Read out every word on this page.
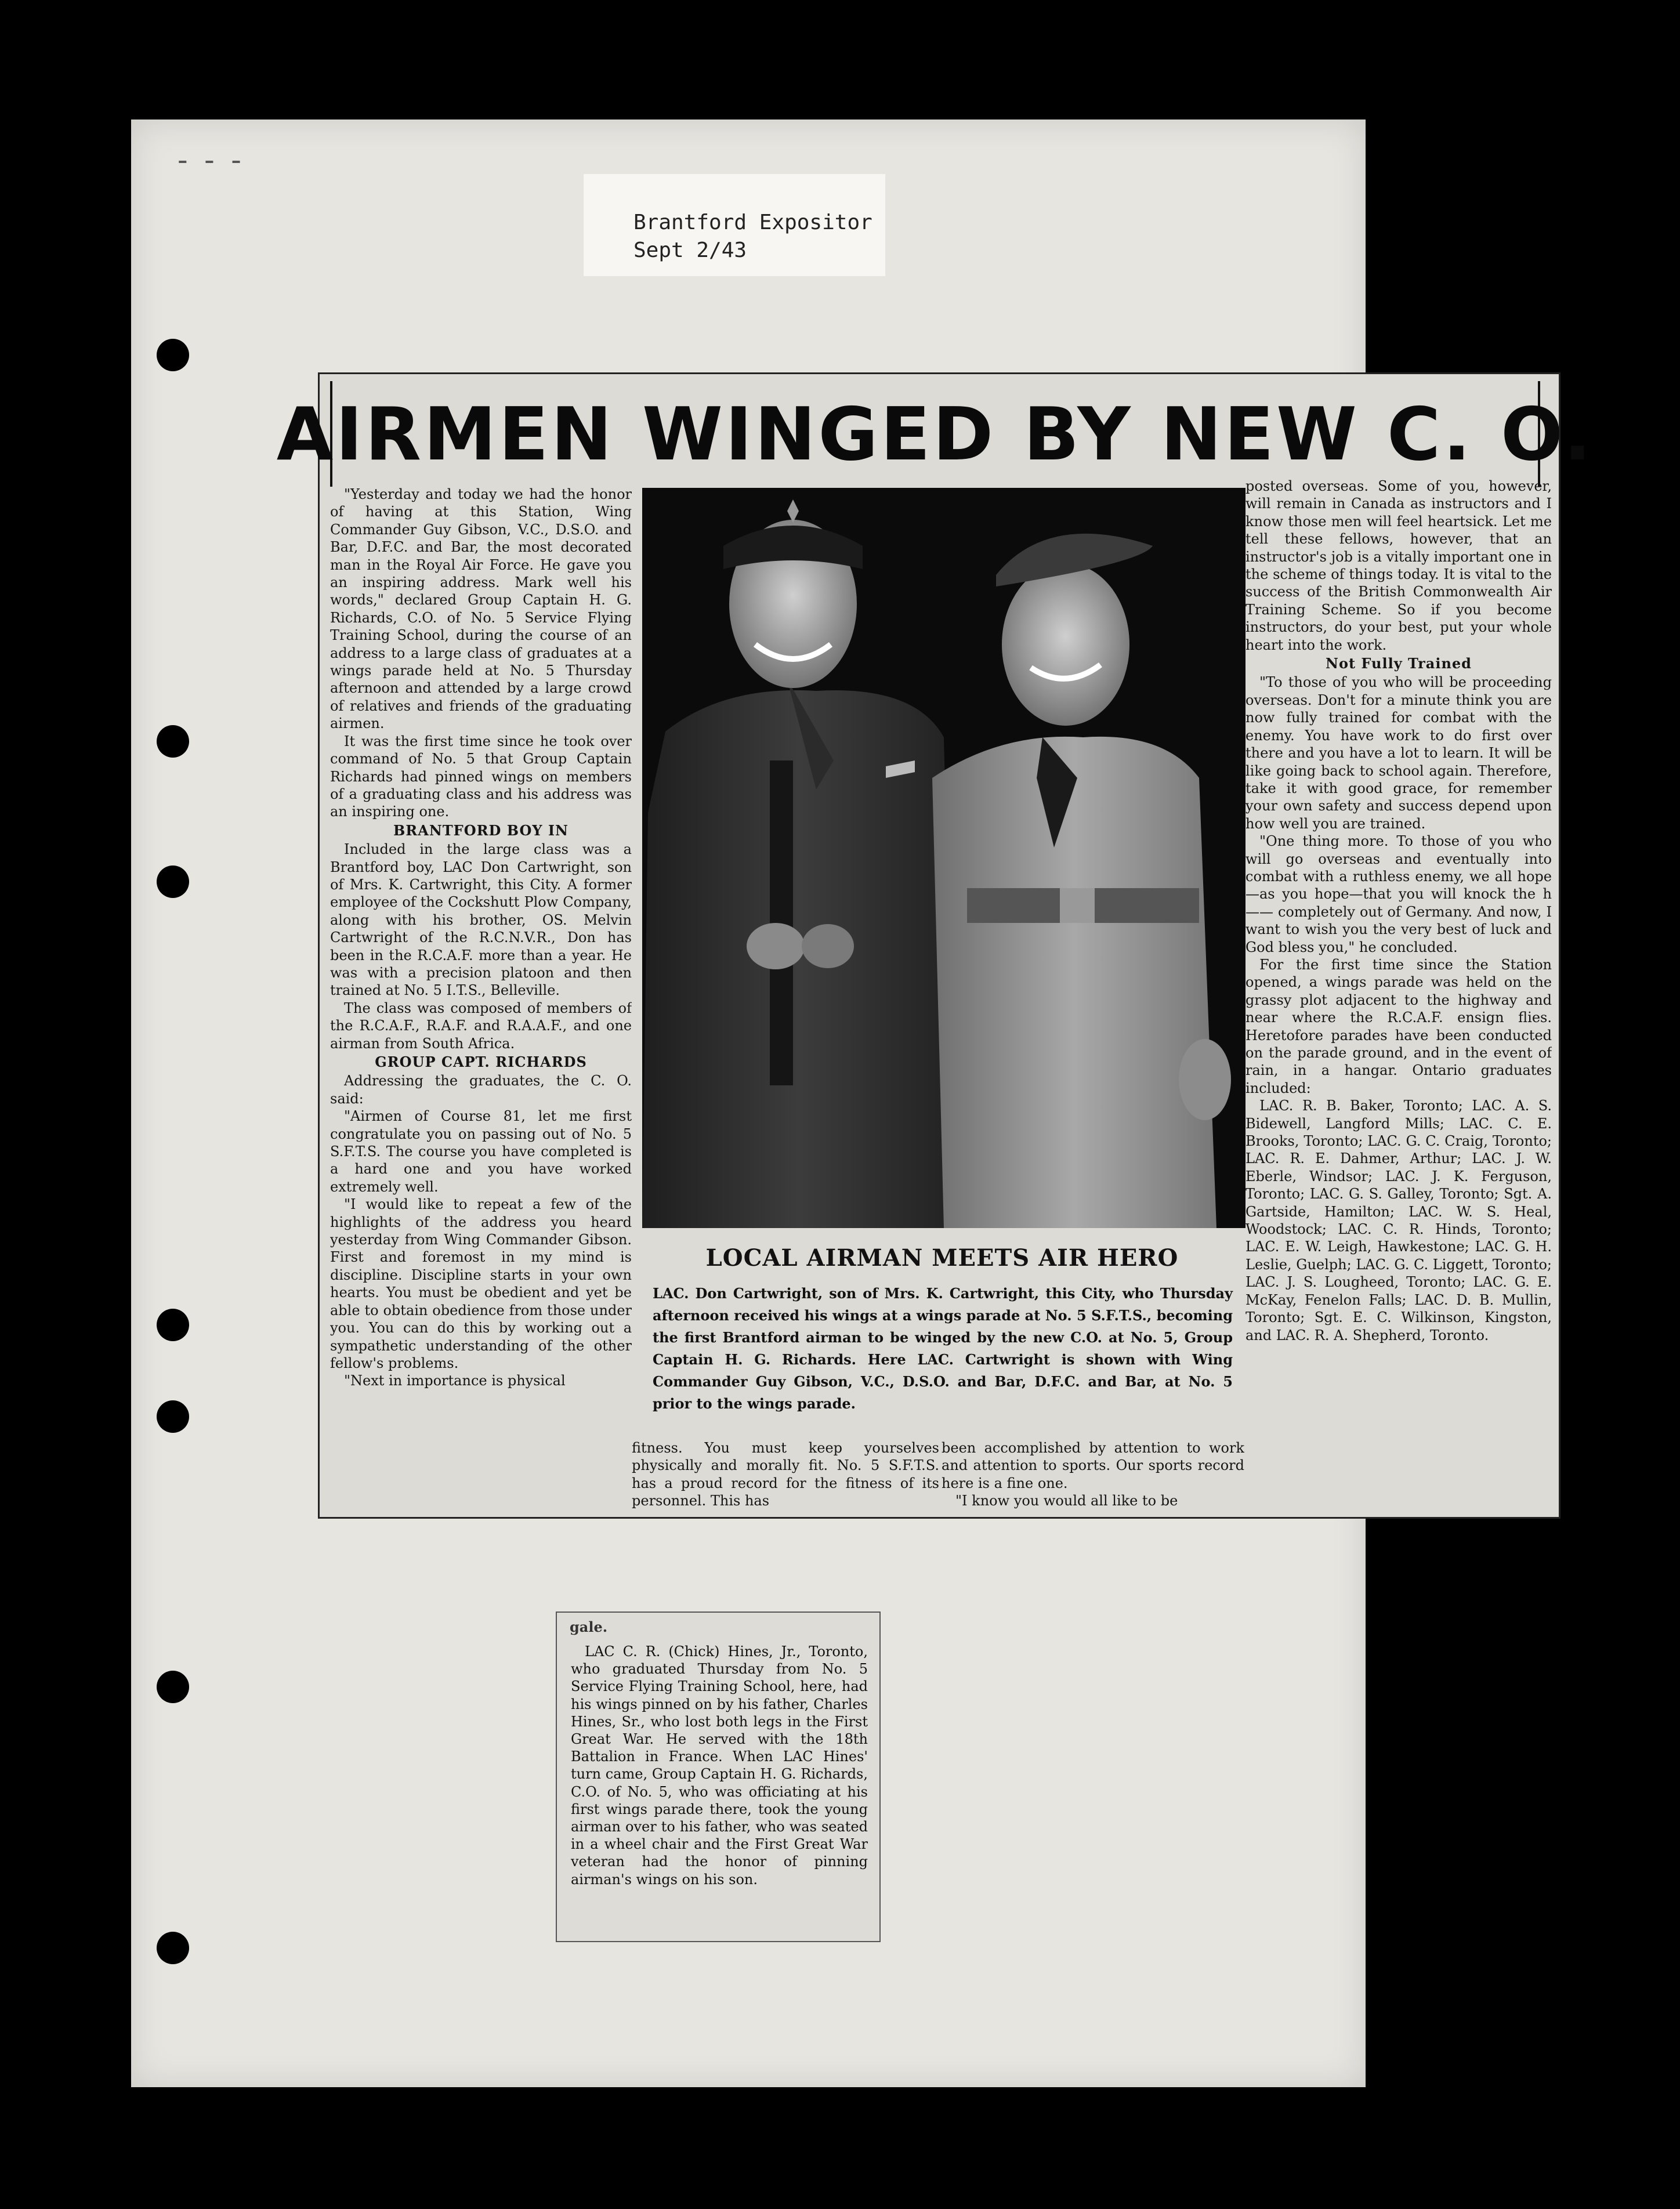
- - -
Brantford Expositor
Sept 2/43
AIRMEN WINGED BY NEW C. O.

"Yesterday and today we had the honor of having at this Station, Wing Commander Guy Gibson, V.C., D.S.O. and Bar, D.F.C. and Bar, the most decorated man in the Royal Air Force. He gave you an inspiring address. Mark well his words," declared Group Captain H. G. Richards, C.O. of No. 5 Service Flying Training School, during the course of an address to a large class of graduates at a wings parade held at No. 5 Thursday afternoon and attended by a large crowd of relatives and friends of the graduating airmen.

It was the first time since he took over command of No. 5 that Group Captain Richards had pinned wings on members of a graduating class and his address was an inspiring one.

BRANTFORD BOY IN

Included in the large class was a Brantford boy, LAC Don Cartwright, son of Mrs. K. Cartwright, this City. A former employee of the Cockshutt Plow Company, along with his brother, OS. Melvin Cartwright of the R.C.N.V.R., Don has been in the R.C.A.F. more than a year. He was with a precision platoon and then trained at No. 5 I.T.S., Belleville.

The class was composed of members of the R.C.A.F., R.A.F. and R.A.A.F., and one airman from South Africa.

GROUP CAPT. RICHARDS

Addressing the graduates, the C. O. said:

"Airmen of Course 81, let me first congratulate you on passing out of No. 5 S.F.T.S. The course you have completed is a hard one and you have worked extremely well.

"I would like to repeat a few of the highlights of the address you heard yesterday from Wing Commander Gibson. First and foremost in my mind is discipline. Discipline starts in your own hearts. You must be obedient and yet be able to obtain obedience from those under you. You can do this by working out a sympathetic understanding of the other fellow's problems.

"Next in importance is physical

LOCAL AIRMAN MEETS AIR HERO
LAC. Don Cartwright, son of Mrs. K. Cartwright, this City, who Thursday afternoon received his wings at a wings parade at No. 5 S.F.T.S., becoming the first Brantford airman to be winged by the new C.O. at No. 5, Group Captain H. G. Richards. Here LAC. Cartwright is shown with Wing Commander Guy Gibson, V.C., D.S.O. and Bar, D.F.C. and Bar, at No. 5 prior to the wings parade.

fitness. You must keep yourselves physically and morally fit. No. 5 S.F.T.S. has a proud record for the fitness of its personnel. This has

been accomplished by attention to work and attention to sports. Our sports record here is a fine one.

"I know you would all like to be

posted overseas. Some of you, however, will remain in Canada as instructors and I know those men will feel heartsick. Let me tell these fellows, however, that an instructor's job is a vitally important one in the scheme of things today. It is vital to the success of the British Commonwealth Air Training Scheme. So if you become instructors, do your best, put your whole heart into the work.

Not Fully Trained

"To those of you who will be proceeding overseas. Don't for a minute think you are now fully trained for combat with the enemy. You have work to do first over there and you have a lot to learn. It will be like going back to school again. Therefore, take it with good grace, for remember your own safety and success depend upon how well you are trained.

"One thing more. To those of you who will go overseas and eventually into combat with a ruthless enemy, we all hope—as you hope—that you will knock the h—— completely out of Germany. And now, I want to wish you the very best of luck and God bless you," he concluded.

For the first time since the Station opened, a wings parade was held on the grassy plot adjacent to the highway and near where the R.C.A.F. ensign flies. Heretofore parades have been conducted on the parade ground, and in the event of rain, in a hangar. Ontario graduates included:

LAC. R. B. Baker, Toronto; LAC. A. S. Bidewell, Langford Mills; LAC. C. E. Brooks, Toronto; LAC. G. C. Craig, Toronto; LAC. R. E. Dahmer, Arthur; LAC. J. W. Eberle, Windsor; LAC. J. K. Ferguson, Toronto; LAC. G. S. Galley, Toronto; Sgt. A. Gartside, Hamilton; LAC. W. S. Heal, Woodstock; LAC. C. R. Hinds, Toronto; LAC. E. W. Leigh, Hawkestone; LAC. G. H. Leslie, Guelph; LAC. G. C. Liggett, Toronto; LAC. J. S. Lougheed, Toronto; LAC. G. E. McKay, Fenelon Falls; LAC. D. B. Mullin, Toronto; Sgt. E. C. Wilkinson, Kingston, and LAC. R. A. Shepherd, Toronto.

gale.

LAC C. R. (Chick) Hines, Jr., Toronto, who graduated Thursday from No. 5 Service Flying Training School, here, had his wings pinned on by his father, Charles Hines, Sr., who lost both legs in the First Great War. He served with the 18th Battalion in France. When LAC Hines' turn came, Group Captain H. G. Richards, C.O. of No. 5, who was officiating at his first wings parade there, took the young airman over to his father, who was seated in a wheel chair and the First Great War veteran had the honor of pinning airman's wings on his son.
